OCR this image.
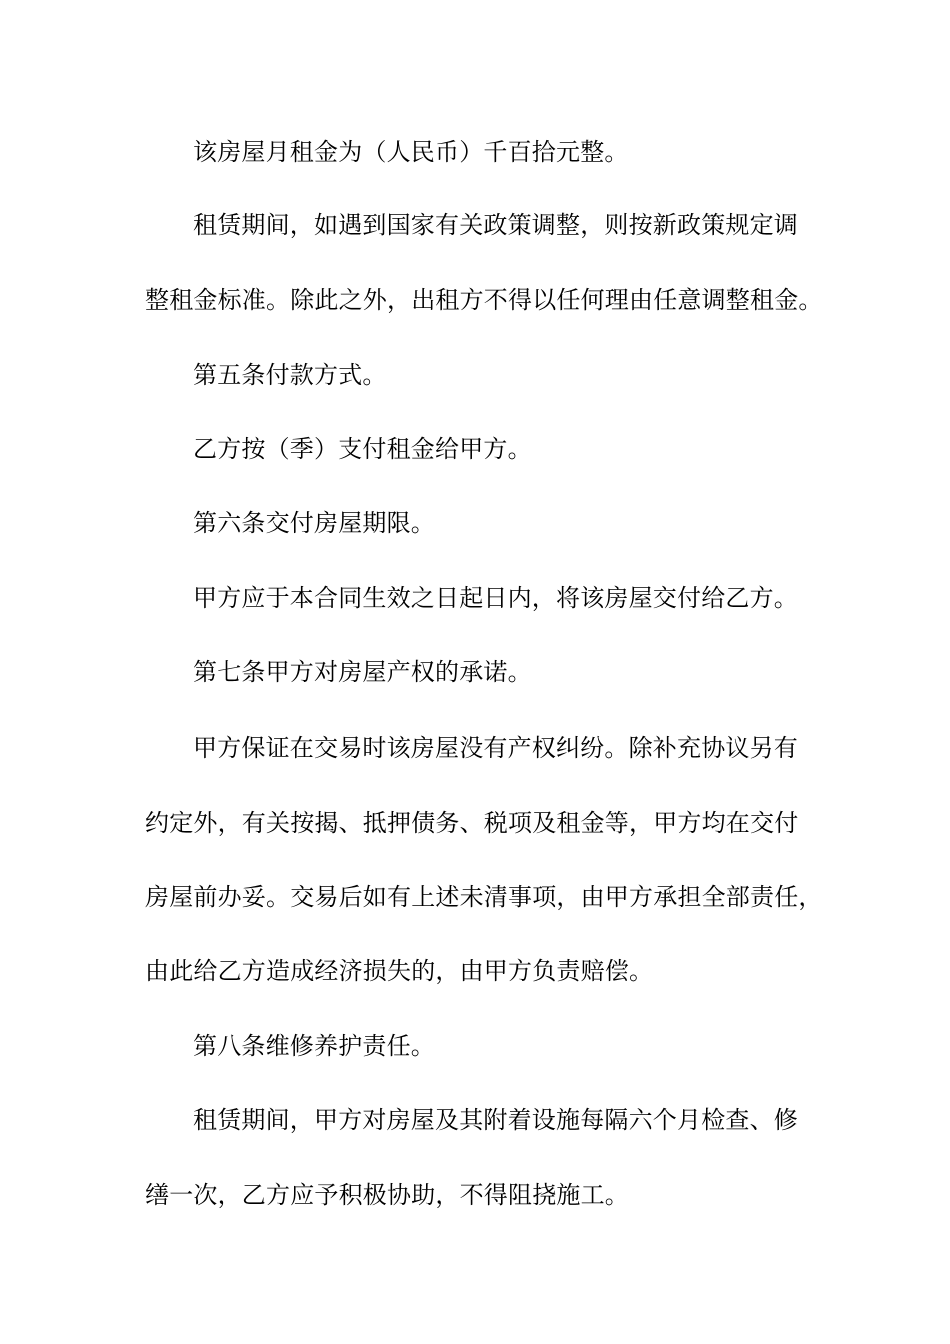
该房屋月租金为（人民币）千百拾元整。
租赁期间，如遇到国家有关政策调整，则按新政策规定调
整租金标准。除此之外，出租方不得以任何理由任意调整租金。
第五条付款方式。
乙方按（季）支付租金给甲方。
第六条交付房屋期限。
甲方应于本合同生效之日起日内，将该房屋交付给乙方。
第七条甲方对房屋产权的承诺。
甲方保证在交易时该房屋没有产权纠纷。除补充协议另有
约定外，有关按揭、抵押债务、税项及租金等，甲方均在交付
房屋前办妥。交易后如有上述未清事项，由甲方承担全部责任，
由此给乙方造成经济损失的，由甲方负责赔偿。
第八条维修养护责任。
租赁期间，甲方对房屋及其附着设施每隔六个月检查、修
缮一次，乙方应予积极协助，不得阻挠施工。
